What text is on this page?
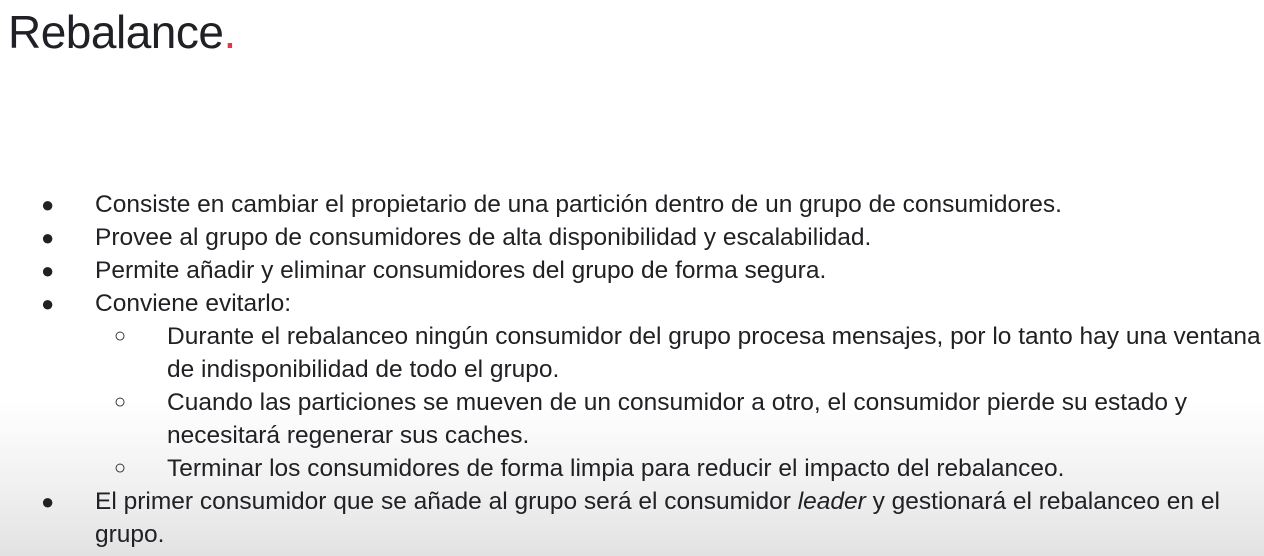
Rebalance.
● Consiste en cambiar el propietario de una partición dentro de un grupo de consumidores.
● Provee al grupo de consumidores de alta disponibilidad y escalabilidad.
● Permite añadir y eliminar consumidores del grupo de forma segura.
● Conviene evitarlo:
○ Durante el rebalanceo ningún consumidor del grupo procesa mensajes, por lo tanto hay una ventana de indisponibilidad de todo el grupo.
○ Cuando las particiones se mueven de un consumidor a otro, el consumidor pierde su estado y necesitará regenerar sus caches.
○ Terminar los consumidores de forma limpia para reducir el impacto del rebalanceo.
● El primer consumidor que se añade al grupo será el consumidor leader y gestionará el rebalanceo en el grupo.
